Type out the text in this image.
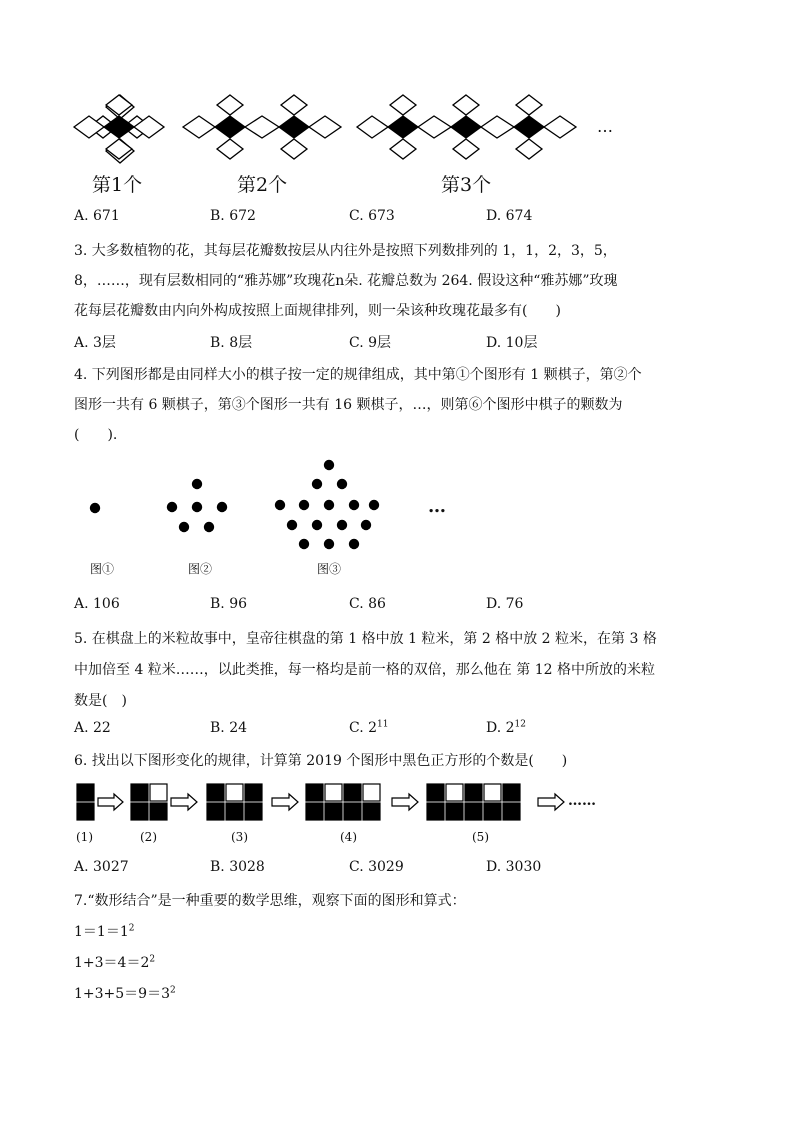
…
第1个	第2个	第3个
A. 671	B. 672	C. 673	D. 674
3. 大多数植物的花，其每层花瓣数按层从内往外是按照下列数排列的 1，1，2，3，5，
8，……，现有层数相同的“雅苏娜”玫瑰花n朵. 花瓣总数为 264. 假设这种“雅苏娜”玫瑰
花每层花瓣数由内向外构成按照上面规律排列，则一朵该种玫瑰花最多有(　　)
A. 3层	B. 8层	C. 9层	D. 10层
4. 下列图形都是由同样大小的棋子按一定的规律组成，其中第①个图形有 1 颗棋子，第②个
图形一共有 6 颗棋子，第③个图形一共有 16 颗棋子，…，则第⑥个图形中棋子的颗数为
(　　).
…
图①	图②	图③
A. 106	B. 96	C. 86	D. 76
5. 在棋盘上的米粒故事中，皇帝往棋盘的第 1 格中放 1 粒米，第 2 格中放 2 粒米，在第 3 格
中加倍至 4 粒米……，以此类推，每一格均是前一格的双倍，那么他在 第 12 格中所放的米粒
数是(　)
A. 22	B. 24	C. $2^{11}$	D. $2^{12}$
6. 找出以下图形变化的规律，计算第 2019 个图形中黑色正方形的个数是(　　)
……
(1)	(2)	(3)	(4)	(5)
A. 3027	B. 3028	C. 3029	D. 3030
7.“数形结合”是一种重要的数学思维，观察下面的图形和算式：
$1=1=1^2$
$1+3=4=2^2$
$1+3+5=9=3^2$
